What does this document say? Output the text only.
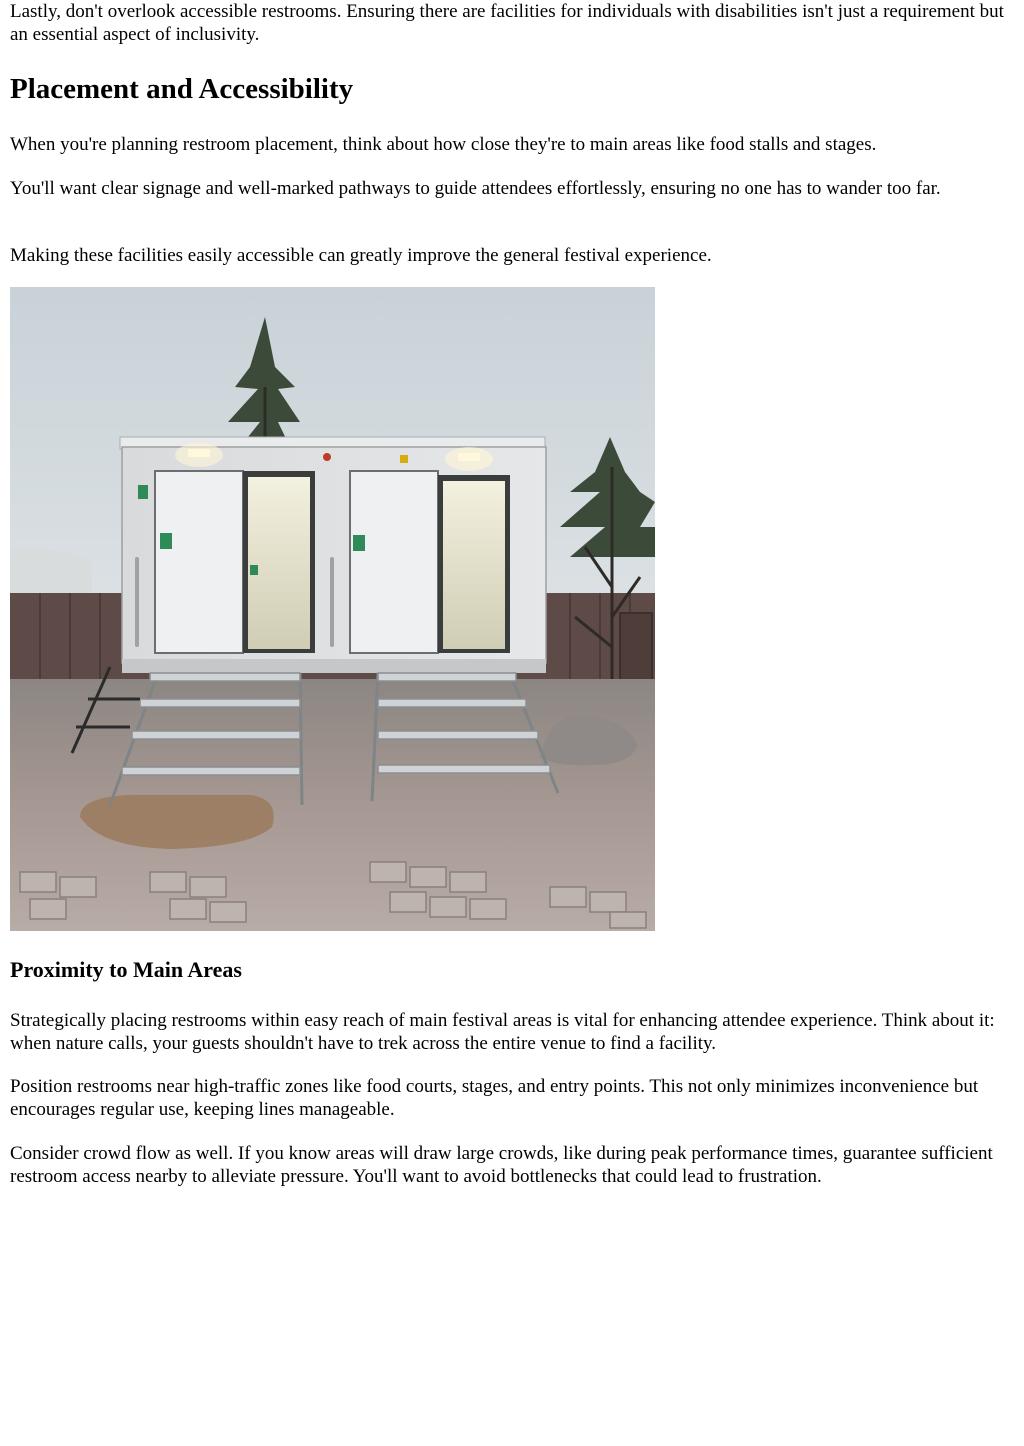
Lastly, don't overlook accessible restrooms. Ensuring there are facilities for individuals with disabilities isn't just a requirement but an essential aspect of inclusivity.

Placement and Accessibility

When you're planning restroom placement, think about how close they're to main areas like food stalls and stages.

You'll want clear signage and well-marked pathways to guide attendees effortlessly, ensuring no one has to wander too far.

Making these facilities easily accessible can greatly improve the general festival experience.

Proximity to Main Areas

Strategically placing restrooms within easy reach of main festival areas is vital for enhancing attendee experience. Think about it: when nature calls, your guests shouldn't have to trek across the entire venue to find a facility.

Position restrooms near high-traffic zones like food courts, stages, and entry points. This not only minimizes inconvenience but encourages regular use, keeping lines manageable.

Consider crowd flow as well. If you know areas will draw large crowds, like during peak performance times, guarantee sufficient restroom access nearby to alleviate pressure. You'll want to avoid bottlenecks that could lead to frustration.
